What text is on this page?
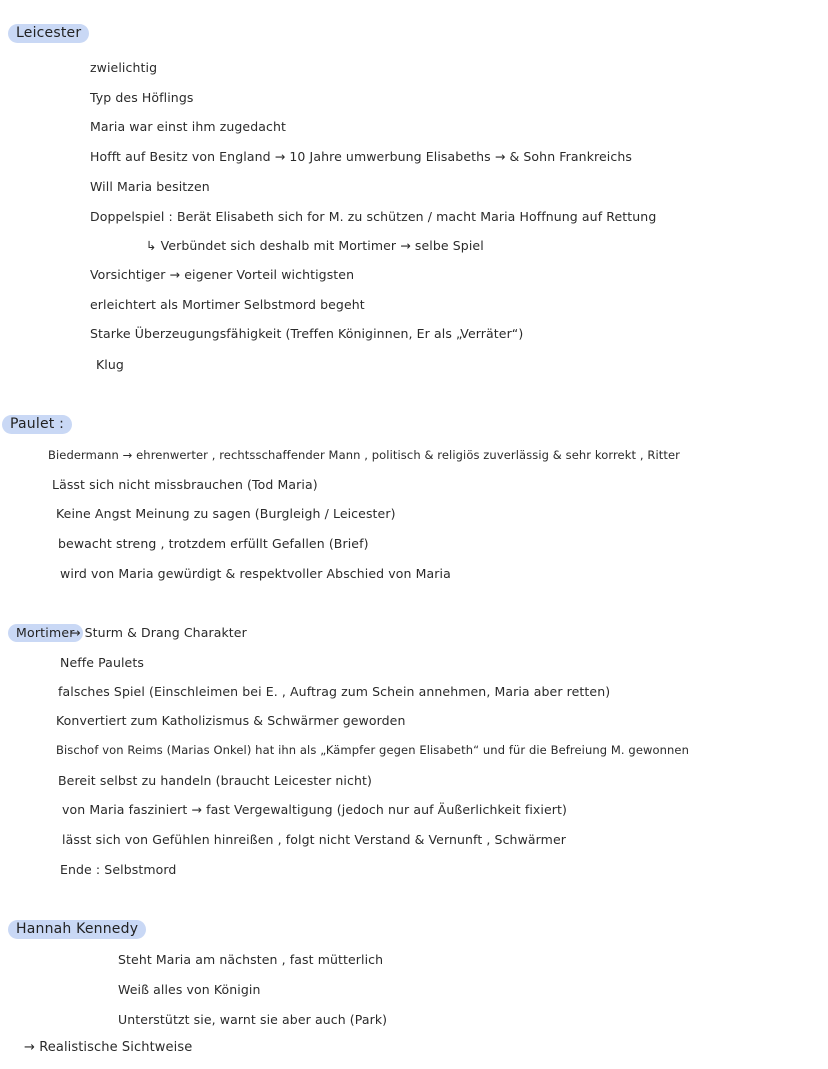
Leicester
zwielichtig
Typ des Höflings
Maria war einst ihm zugedacht
Hofft auf Besitz von England → 10 Jahre umwerbung Elisabeths → & Sohn Frankreichs
Will Maria besitzen
Doppelspiel : Berät Elisabeth sich for M. zu schützen / macht Maria Hoffnung auf Rettung
↳ Verbündet sich deshalb mit Mortimer → selbe Spiel
Vorsichtiger → eigener Vorteil wichtigsten
erleichtert als Mortimer Selbstmord begeht
Starke Überzeugungsfähigkeit (Treffen Königinnen, Er als „Verräter“)
Klug
Paulet :
Biedermann → ehrenwerter , rechtsschaffender Mann , politisch & religiös zuverlässig & sehr korrekt , Ritter
Lässt sich nicht missbrauchen (Tod Maria)
Keine Angst Meinung zu sagen (Burgleigh / Leicester)
bewacht streng , trotzdem erfüllt Gefallen (Brief)
wird von Maria gewürdigt & respektvoller Abschied von Maria
Mortimer
→ Sturm & Drang Charakter
Neffe Paulets
falsches Spiel (Einschleimen bei E. , Auftrag zum Schein annehmen, Maria aber retten)
Konvertiert zum Katholizismus & Schwärmer geworden
Bischof von Reims (Marias Onkel) hat ihn als „Kämpfer gegen Elisabeth“ und für die Befreiung M. gewonnen
Bereit selbst zu handeln (braucht Leicester nicht)
von Maria fasziniert → fast Vergewaltigung (jedoch nur auf Äußerlichkeit fixiert)
lässt sich von Gefühlen hinreißen , folgt nicht Verstand & Vernunft , Schwärmer
Ende : Selbstmord
Hannah Kennedy
Steht Maria am nächsten , fast mütterlich
Weiß alles von Königin
Unterstützt sie, warnt sie aber auch (Park)
→ Realistische Sichtweise
